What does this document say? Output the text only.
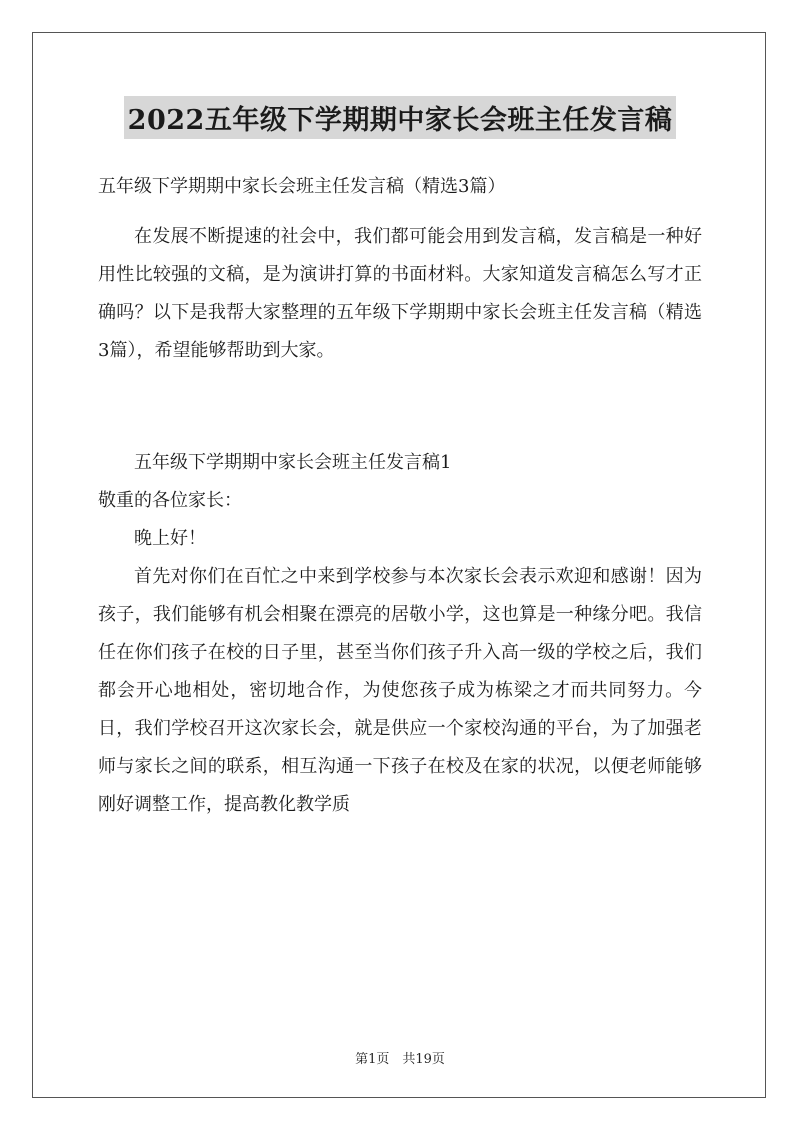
2022五年级下学期期中家长会班主任发言稿

五年级下学期期中家长会班主任发言稿（精选3篇）

在发展不断提速的社会中，我们都可能会用到发言稿，发言稿是一种好用性比较强的文稿，是为演讲打算的书面材料。大家知道发言稿怎么写才正确吗？以下是我帮大家整理的五年级下学期期中家长会班主任发言稿（精选3篇），希望能够帮助到大家。

五年级下学期期中家长会班主任发言稿1

敬重的各位家长：

晚上好！

首先对你们在百忙之中来到学校参与本次家长会表示欢迎和感谢！因为孩子，我们能够有机会相聚在漂亮的居敬小学，这也算是一种缘分吧。我信任在你们孩子在校的日子里，甚至当你们孩子升入高一级的学校之后，我们都会开心地相处，密切地合作，为使您孩子成为栋梁之才而共同努力。今日，我们学校召开这次家长会，就是供应一个家校沟通的平台，为了加强老师与家长之间的联系，相互沟通一下孩子在校及在家的状况，以便老师能够刚好调整工作，提高教化教学质

第1页　共19页
